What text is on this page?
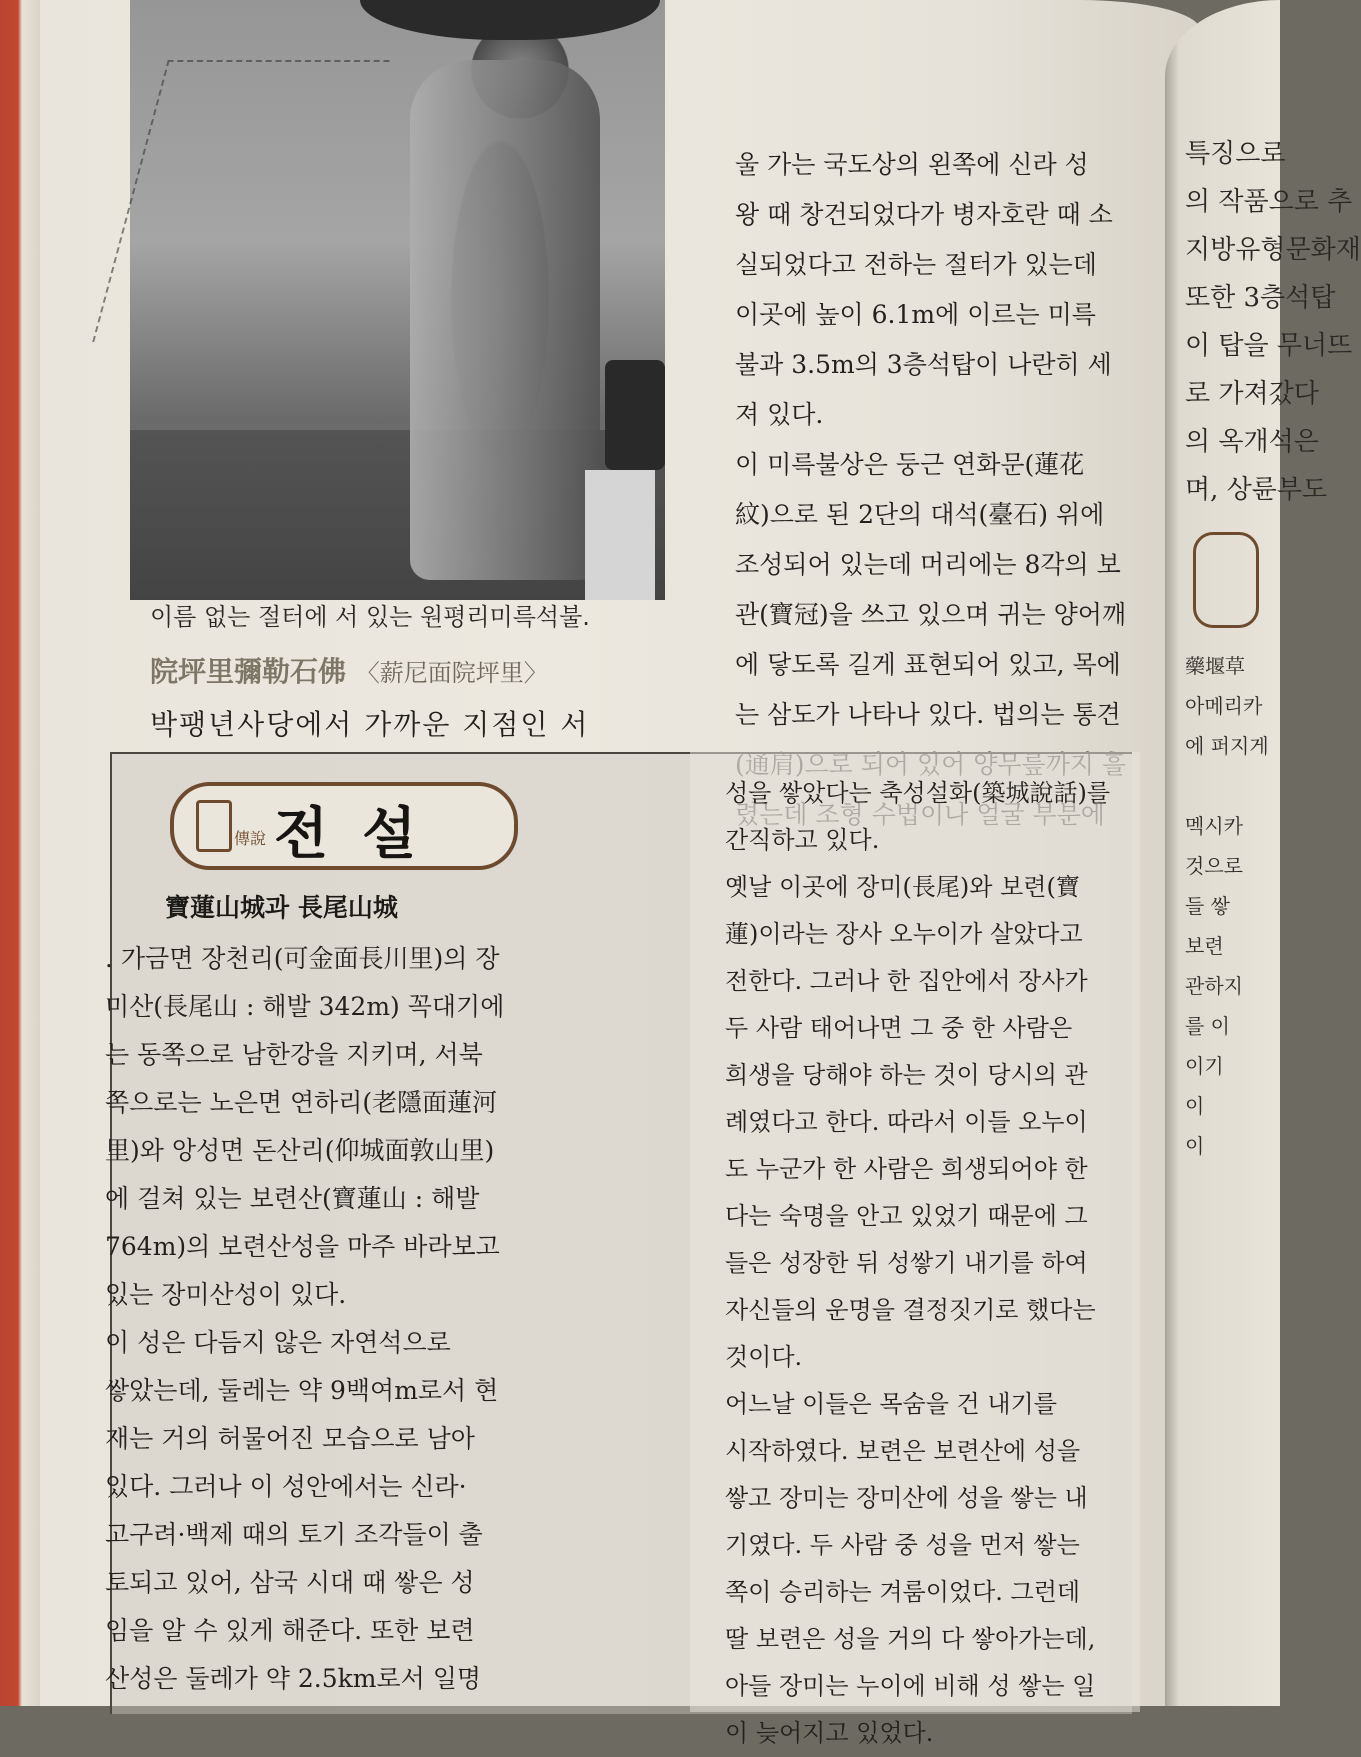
이름 없는 절터에 서 있는 원평리미륵석불.
院坪里彌勒石佛 〈薪尼面院坪里〉
박팽년사당에서 가까운 지점인 서
울 가는 국도상의 왼쪽에 신라 성
왕 때 창건되었다가 병자호란 때 소
실되었다고 전하는 절터가 있는데
이곳에 높이 6.1m에 이르는 미륵
불과 3.5m의 3층석탑이 나란히 세
져 있다.
이 미륵불상은 둥근 연화문(蓮花
紋)으로 된 2단의 대석(臺石) 위에
조성되어 있는데 머리에는 8각의 보
관(寶冠)을 쓰고 있으며 귀는 양어깨
에 닿도록 길게 표현되어 있고, 목에
는 삼도가 나타나 있다. 법의는 통견
傳說 전설
寶蓮山城과 長尾山城
. 가금면 장천리(可金面長川里)의 장
미산(長尾山 : 해발 342m) 꼭대기에
는 동쪽으로 남한강을 지키며, 서북
쪽으로는 노은면 연하리(老隱面蓮河
里)와 앙성면 돈산리(仰城面敦山里)
에 걸쳐 있는 보련산(寶蓮山 : 해발
764m)의 보련산성을 마주 바라보고
있는 장미산성이 있다.
이 성은 다듬지 않은 자연석으로
쌓았는데, 둘레는 약 9백여m로서 현
재는 거의 허물어진 모습으로 남아
있다. 그러나 이 성안에서는 신라·
고구려·백제 때의 토기 조각들이 출
토되고 있어, 삼국 시대 때 쌓은 성
임을 알 수 있게 해준다. 또한 보련
산성은 둘레가 약 2.5km로서 일명
성을 쌓았다는 축성설화(築城說話)를
간직하고 있다.
옛날 이곳에 장미(長尾)와 보련(寶
蓮)이라는 장사 오누이가 살았다고
전한다. 그러나 한 집안에서 장사가
두 사람 태어나면 그 중 한 사람은
희생을 당해야 하는 것이 당시의 관
례였다고 한다. 따라서 이들 오누이
도 누군가 한 사람은 희생되어야 한
다는 숙명을 안고 있었기 때문에 그
들은 성장한 뒤 성쌓기 내기를 하여
자신들의 운명을 결정짓기로 했다는
것이다.
어느날 이들은 목숨을 건 내기를
시작하였다. 보련은 보련산에 성을
쌓고 장미는 장미산에 성을 쌓는 내
기였다. 두 사람 중 성을 먼저 쌓는
쪽이 승리하는 겨룸이었다. 그런데
딸 보련은 성을 거의 다 쌓아가는데,
아들 장미는 누이에 비해 성 쌓는 일
이 늦어지고 있었다.
특징으로
의 작품으로 추
지방유형문화재
또한 3층석탑
이 탑을 무너뜨
로 가져갔다
의 옥개석은
며, 상륜부도
藥堰草
아메리카
에 퍼지게

멕시카
것으로
들 쌓
보련
관하지
를 이
이기
이
이
